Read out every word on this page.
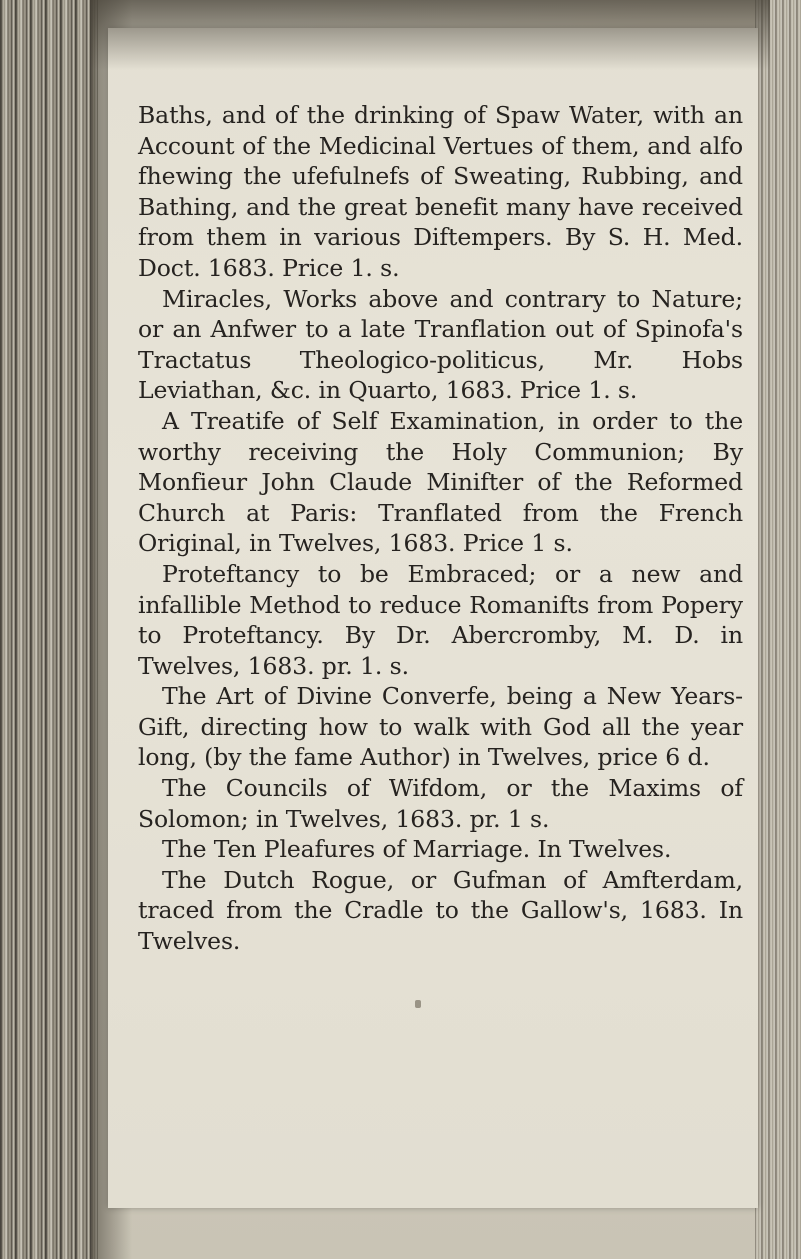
Baths, and of the drinking of Spaw Water, with an Account of the Medicinal Vertues of them, and alfo fhewing the ufefulnefs of Sweating, Rubbing, and Bathing, and the great benefit many have received from them in various Diftempers. By S. H. Med. Doct. 1683. Price 1. s.

Miracles, Works above and contrary to Nature; or an Anfwer to a late Tranflation out of Spinofa's Tractatus Theologico-politicus, Mr. Hobs Leviathan, &c. in Quarto, 1683. Price 1. s.

A Treatife of Self Examination, in order to the worthy receiving the Holy Communion; By Monfieur John Claude Minifter of the Reformed Church at Paris: Tranflated from the French Original, in Twelves, 1683. Price 1 s.

Proteftancy to be Embraced; or a new and infallible Method to reduce Romanifts from Popery to Proteftancy. By Dr. Abercromby, M. D. in Twelves, 1683. pr. 1. s.

The Art of Divine Converfe, being a New Years-Gift, directing how to walk with God all the year long, (by the fame Author) in Twelves, price 6 d.

The Councils of Wifdom, or the Maxims of Solomon; in Twelves, 1683. pr. 1 s.

The Ten Pleafures of Marriage. In Twelves.

The Dutch Rogue, or Gufman of Amfterdam, traced from the Cradle to the Gallow's, 1683. In Twelves.
